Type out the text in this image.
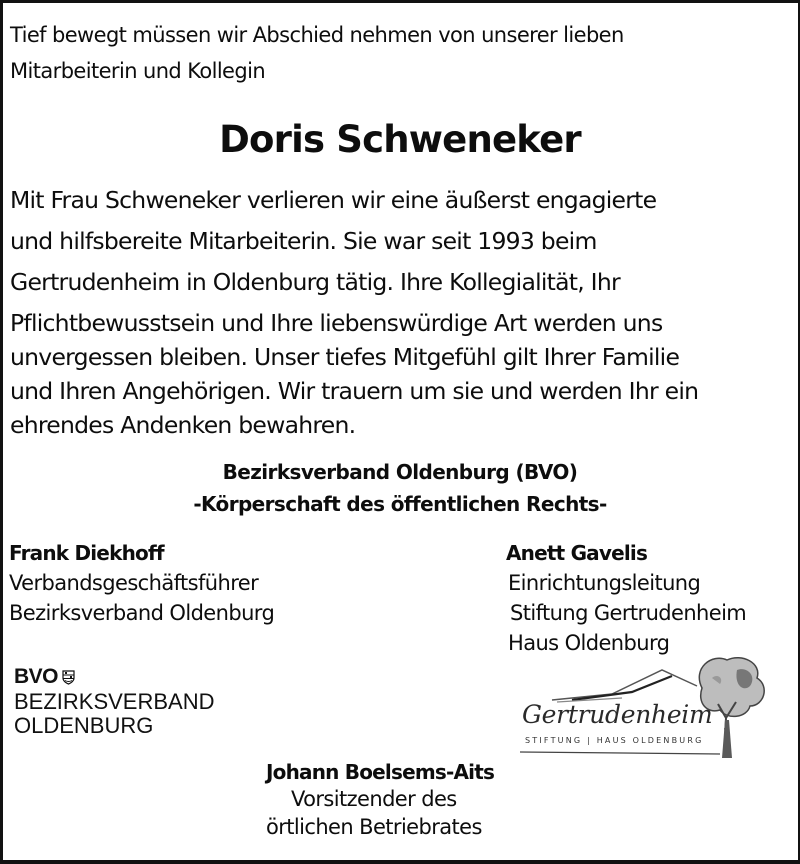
Tief bewegt müssen wir Abschied nehmen von unserer lieben
Mitarbeiterin und Kollegin
Doris Schweneker
Mit Frau Schweneker verlieren wir eine äußerst engagierte
und hilfsbereite Mitarbeiterin. Sie war seit 1993 beim
Gertrudenheim in Oldenburg tätig. Ihre Kollegialität, Ihr
Pflichtbewusstsein und Ihre liebenswürdige Art werden uns
unvergessen bleiben. Unser tiefes Mitgefühl gilt Ihrer Familie
und Ihren Angehörigen. Wir trauern um sie und werden Ihr ein
ehrendes Andenken bewahren.
Bezirksverband Oldenburg (BVO)
-Körperschaft des öffentlichen Rechts-
Frank Diekhoff
Verbandsgeschäftsführer
Bezirksverband Oldenburg
Anett Gavelis
Einrichtungsleitung
Stiftung Gertrudenheim
Haus Oldenburg
BVO
BEZIRKSVERBAND
OLDENBURG	Gertrudenheim
STIFTUNG | HAUS OLDENBURG
Johann Boelsems-Aits
Vorsitzender des
örtlichen Betriebrates
